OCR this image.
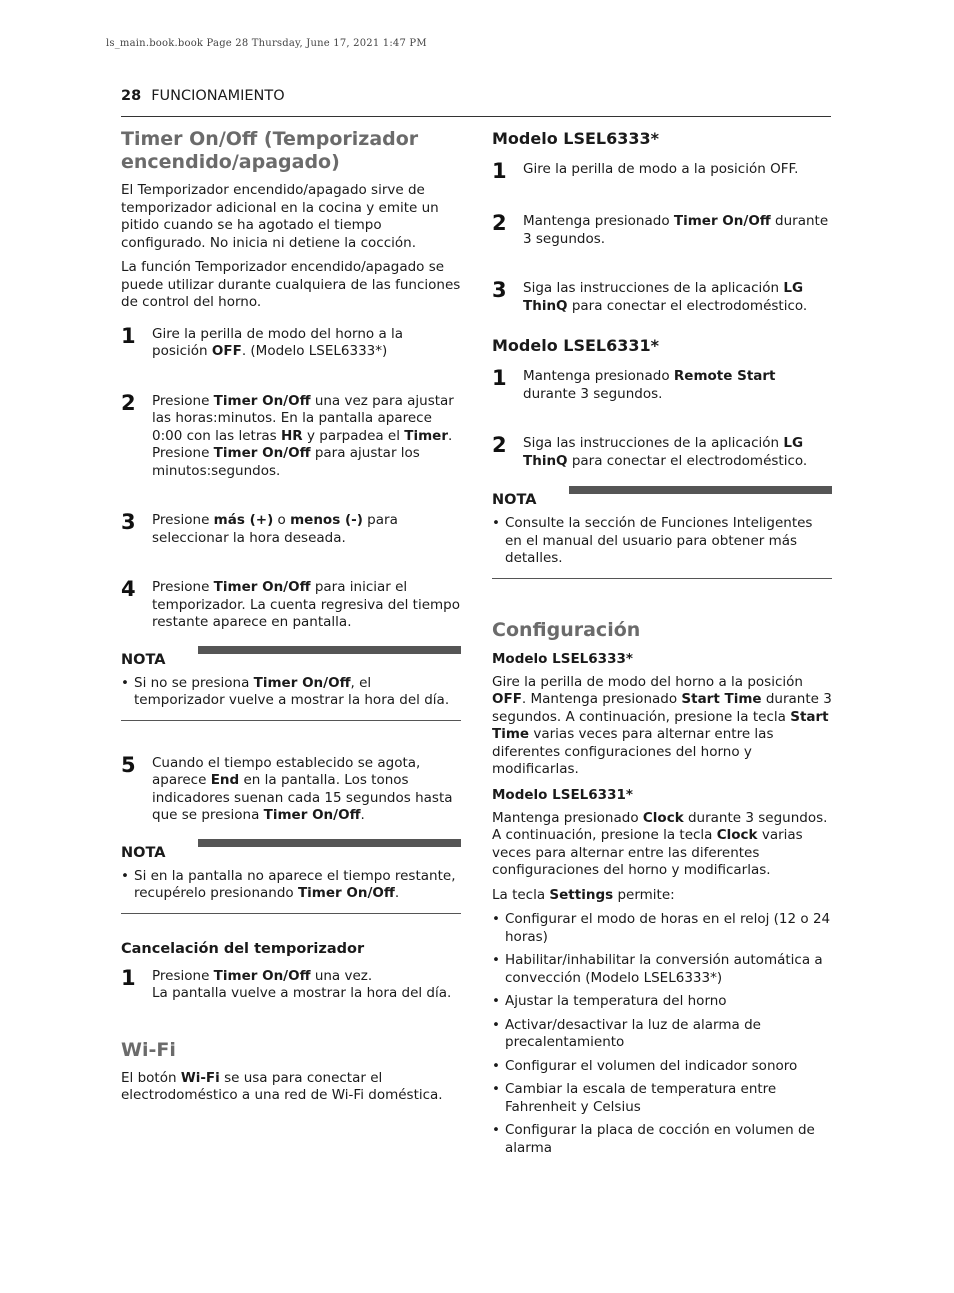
ls_main.book.book Page 28 Thursday, June 17, 2021 1:47 PM
28 FUNCIONAMIENTO
Timer On/Off (Temporizador encendido/apagado)

El Temporizador encendido/apagado sirve de temporizador adicional en la cocina y emite un pitido cuando se ha agotado el tiempo configurado. No inicia ni detiene la cocción.

La función Temporizador encendido/apagado se puede utilizar durante cualquiera de las funciones de control del horno.

1	Gire la perilla de modo del horno a la posición OFF. (Modelo LSEL6333*)
2	Presione Timer On/Off una vez para ajustar las horas:minutos. En la pantalla aparece 0:00 con las letras HR y parpadea el Timer. Presione Timer On/Off para ajustar los minutos:segundos.
3	Presione más (+) o menos (-) para seleccionar la hora deseada.
4	Presione Timer On/Off para iniciar el temporizador. La cuenta regresiva del tiempo restante aparece en pantalla.
NOTA
• Si no se presiona Timer On/Off, el temporizador vuelve a mostrar la hora del día.
5	Cuando el tiempo establecido se agota, aparece End en la pantalla. Los tonos indicadores suenan cada 15 segundos hasta que se presiona Timer On/Off.
NOTA
• Si en la pantalla no aparece el tiempo restante, recupérelo presionando Timer On/Off.
Cancelación del temporizador
1	Presione Timer On/Off una vez.
La pantalla vuelve a mostrar la hora del día.
Wi-Fi

El botón Wi-Fi se usa para conectar el electrodoméstico a una red de Wi-Fi doméstica.

Modelo LSEL6333*
1	Gire la perilla de modo a la posición OFF.
2	Mantenga presionado Timer On/Off durante 3 segundos.
3	Siga las instrucciones de la aplicación LG ThinQ para conectar el electrodoméstico.
Modelo LSEL6331*
1	Mantenga presionado Remote Start durante 3 segundos.
2	Siga las instrucciones de la aplicación LG ThinQ para conectar el electrodoméstico.
NOTA
• Consulte la sección de Funciones Inteligentes en el manual del usuario para obtener más detalles.
Configuración
Modelo LSEL6333*

Gire la perilla de modo del horno a la posición OFF. Mantenga presionado Start Time durante 3 segundos. A continuación, presione la tecla Start Time varias veces para alternar entre las diferentes configuraciones del horno y modificarlas.

Modelo LSEL6331*

Mantenga presionado Clock durante 3 segundos. A continuación, presione la tecla Clock varias veces para alternar entre las diferentes configuraciones del horno y modificarlas.

La tecla Settings permite:

• Configurar el modo de horas en el reloj (12 o 24 horas)
• Habilitar/inhabilitar la conversión automática a convección (Modelo LSEL6333*)
• Ajustar la temperatura del horno
• Activar/desactivar la luz de alarma de precalentamiento
• Configurar el volumen del indicador sonoro
• Cambiar la escala de temperatura entre Fahrenheit y Celsius
• Configurar la placa de cocción en volumen de alarma
